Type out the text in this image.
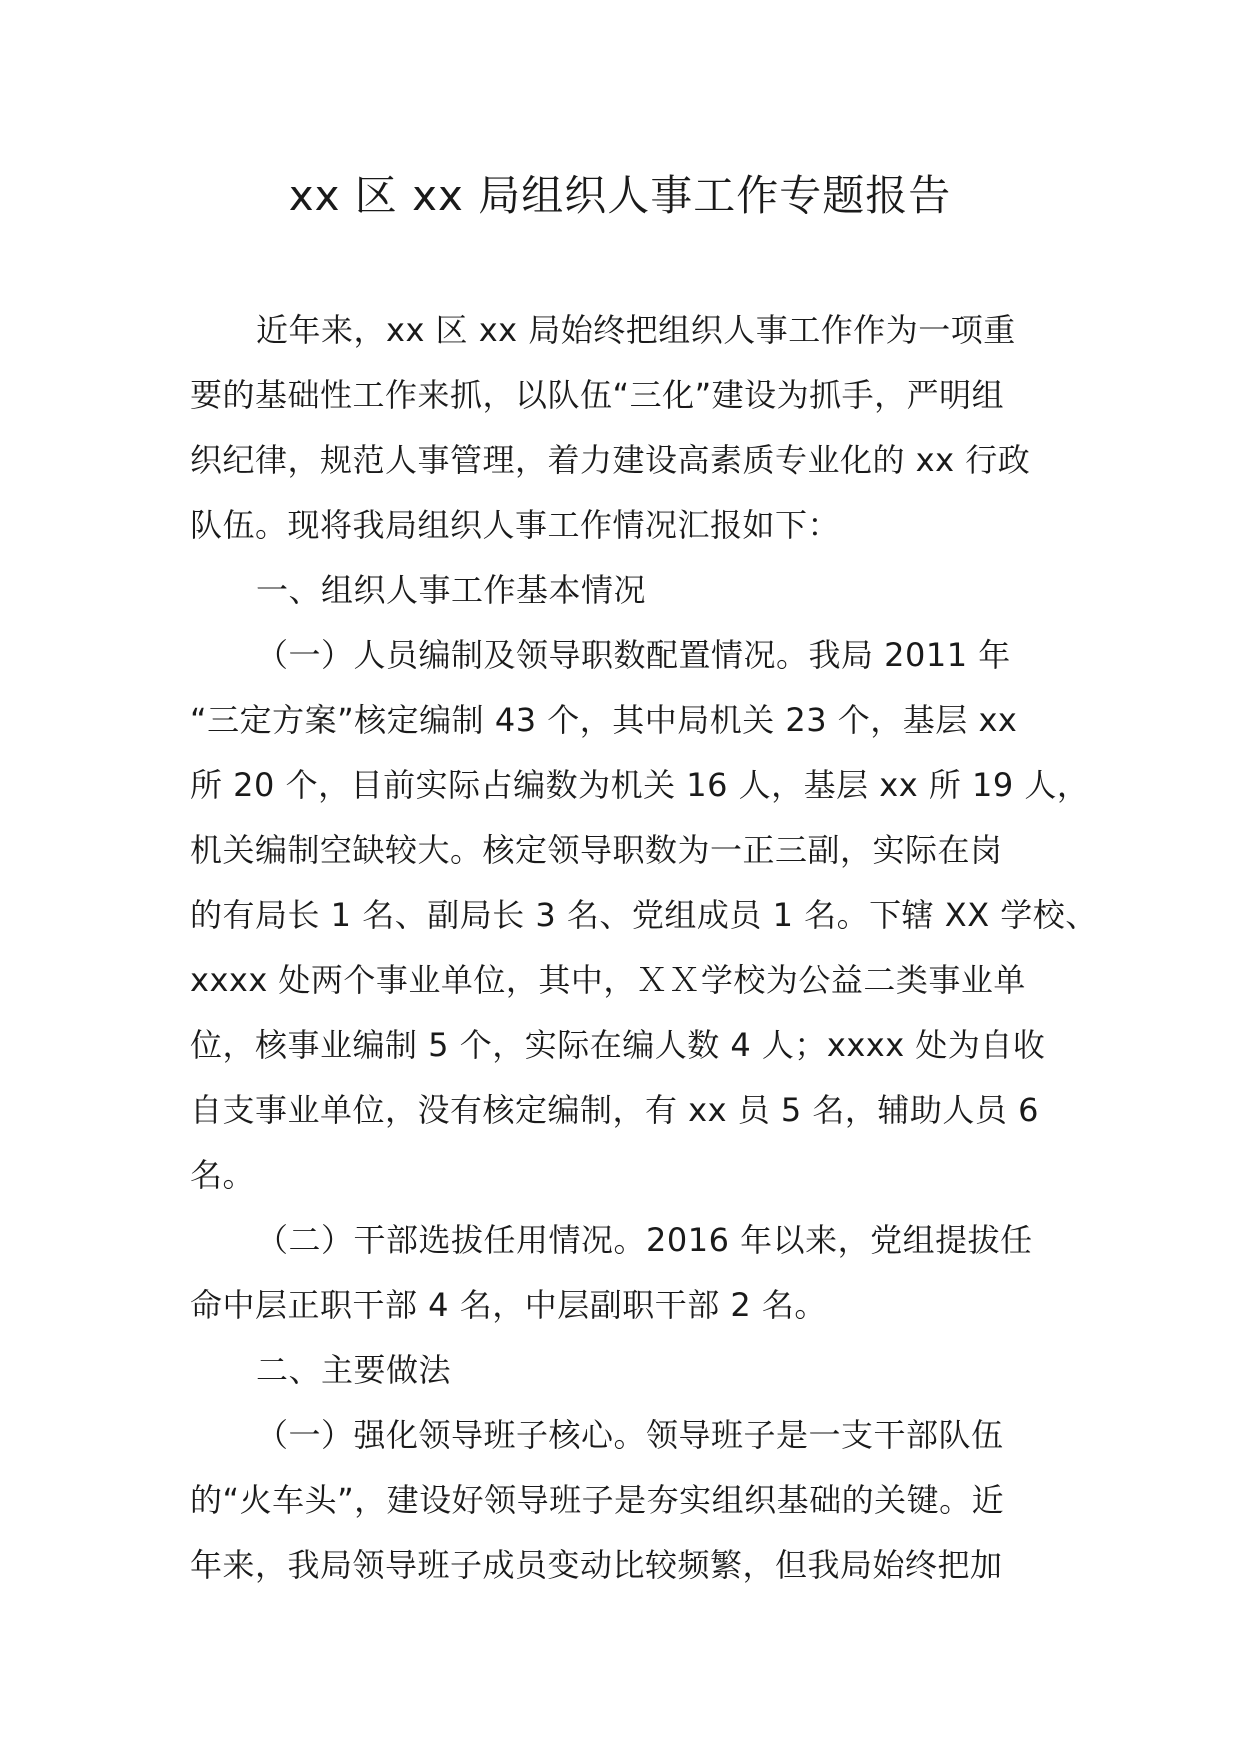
xx 区 xx 局组织人事工作专题报告
近年来，xx 区 xx 局始终把组织人事工作作为一项重
要的基础性工作来抓，以队伍“三化”建设为抓手，严明组
织纪律，规范人事管理，着力建设高素质专业化的 xx 行政
队伍。现将我局组织人事工作情况汇报如下：
一、组织人事工作基本情况
（一）人员编制及领导职数配置情况。我局 2011 年
“三定方案”核定编制 43 个，其中局机关 23 个，基层 xx
所 20 个，目前实际占编数为机关 16 人，基层 xx 所 19 人，
机关编制空缺较大。核定领导职数为一正三副，实际在岗
的有局长 1 名、副局长 3 名、党组成员 1 名。下辖 XX 学校、
xxxx 处两个事业单位，其中，ＸＸ学校为公益二类事业单
位，核事业编制 5 个，实际在编人数 4 人；xxxx 处为自收
自支事业单位，没有核定编制，有 xx 员 5 名，辅助人员 6
名。
（二）干部选拔任用情况。2016 年以来，党组提拔任
命中层正职干部 4 名，中层副职干部 2 名。
二、主要做法
（一）强化领导班子核心。领导班子是一支干部队伍
的“火车头”，建设好领导班子是夯实组织基础的关键。近
年来，我局领导班子成员变动比较频繁，但我局始终把加
